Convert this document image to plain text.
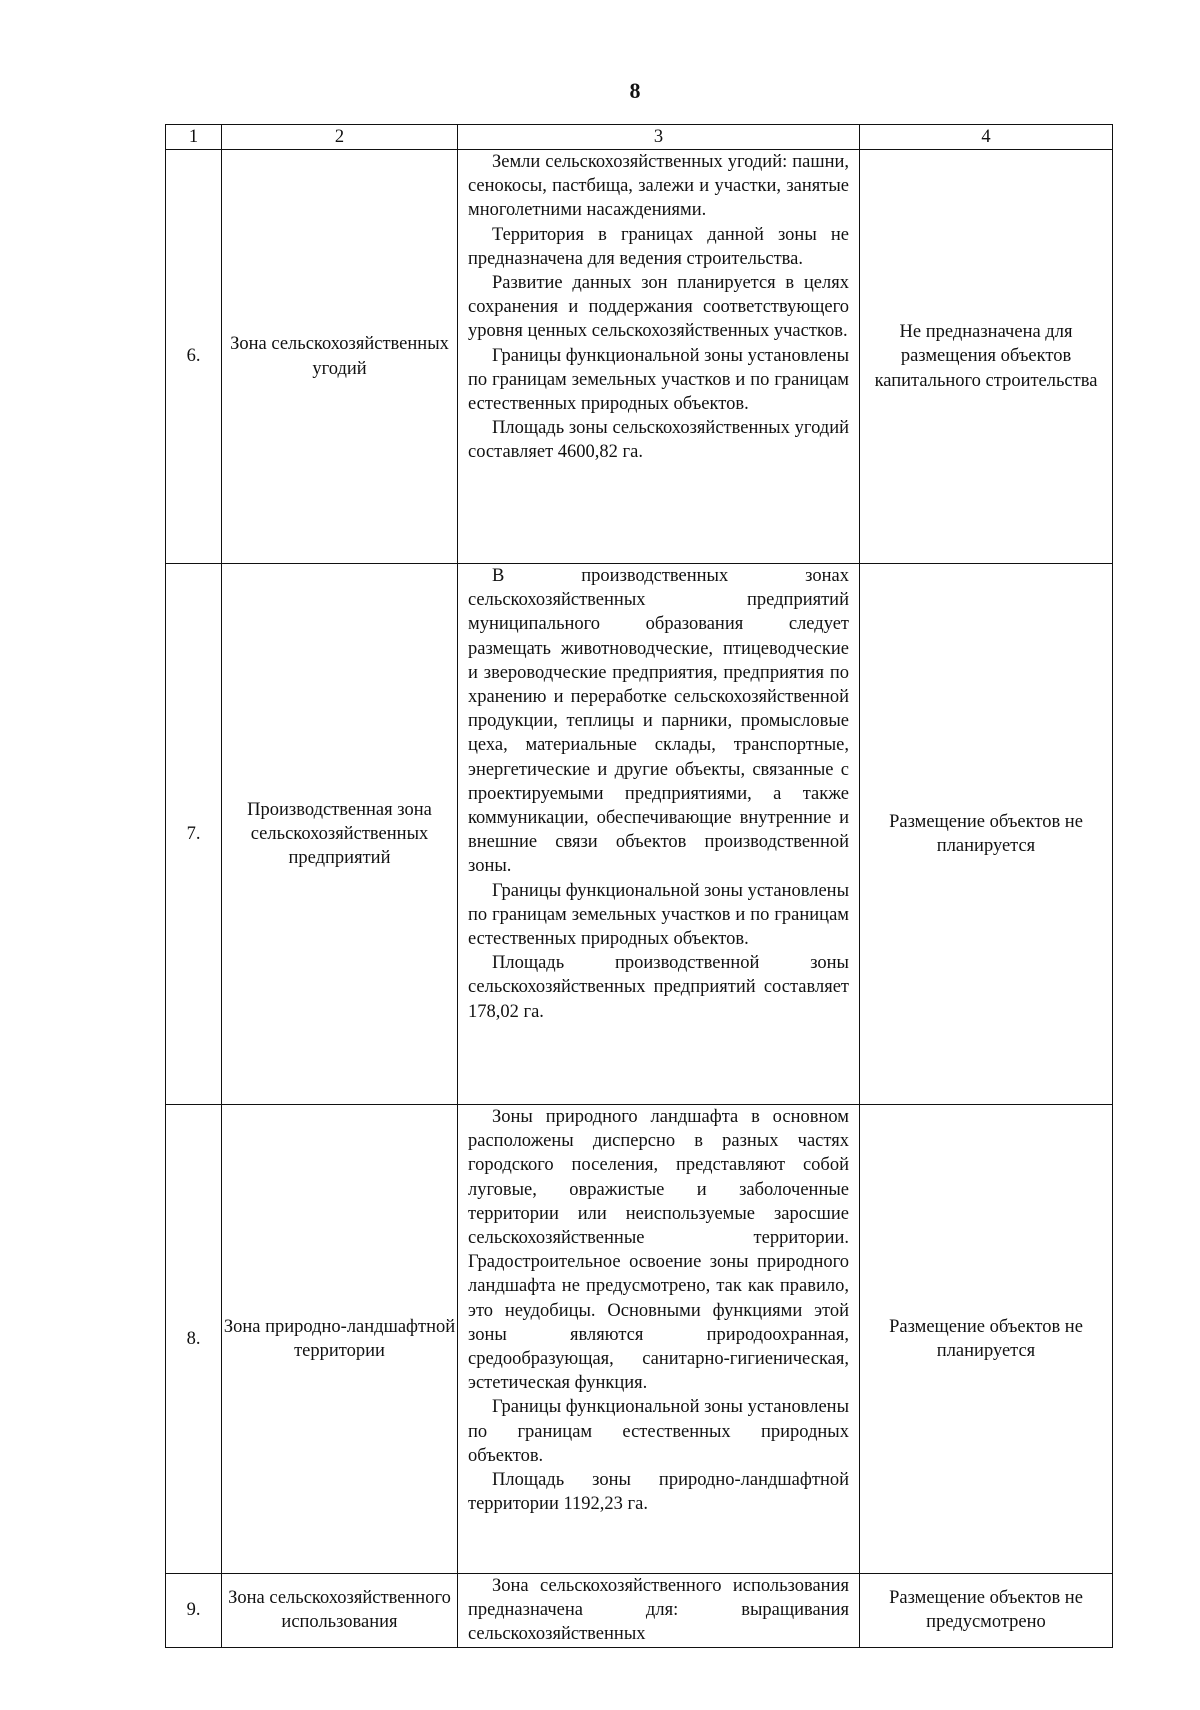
8
1	2	3	4
6.	Зона сельскохозяйственных угодий	Земли сельскохозяйственных угодий: пашни, сенокосы, пастбища, залежи и участки, занятые многолетними насаждениями.

Территория в границах данной зоны не предназначена для ведения строительства.

Развитие данных зон планируется в целях сохранения и поддержания соответствующего уровня ценных сельскохозяйственных участков.

Границы функциональной зоны установлены по границам земельных участков и по границам естественных природных объектов.

Площадь зоны сельскохозяйственных угодий составляет 4600,82 га.	Не предназначена для размещения объектов капитального строительства
7.	Производственная зона сельскохозяйственных предприятий	В производственных зонах сельскохозяйственных предприятий муниципального образования следует размещать животноводческие, птицеводческие и звероводческие предприятия, предприятия по хранению и переработке сельскохозяйственной продукции, теплицы и парники, промысловые цеха, материальные склады, транспортные, энергетические и другие объекты, связанные с проектируемыми предприятиями, а также коммуникации, обеспечивающие внутренние и внешние связи объектов производственной зоны.

Границы функциональной зоны установлены по границам земельных участков и по границам естественных природных объектов.

Площадь производственной зоны сельскохозяйственных предприятий составляет 178,02 га.	Размещение объектов не планируется
8.	Зона природно-ландшафтной территории	Зоны природного ландшафта в основном расположены дисперсно в разных частях городского поселения, представляют собой луговые, овражистые и заболоченные территории или неиспользуемые заросшие сельскохозяйственные территории. Градостроительное освоение зоны природного ландшафта не предусмотрено, так как правило, это неудобицы. Основными функциями этой зоны являются природоохранная, средообразующая, санитарно-гигиеническая, эстетическая функция.

Границы функциональной зоны установлены по границам естественных природных объектов.

Площадь зоны природно-ландшафтной территории 1192,23 га.	Размещение объектов не планируется
9.	Зона сельскохозяйственного использования	Зона сельскохозяйственного использования предназначена для: выращивания сельскохозяйственных	Размещение объектов не предусмотрено
